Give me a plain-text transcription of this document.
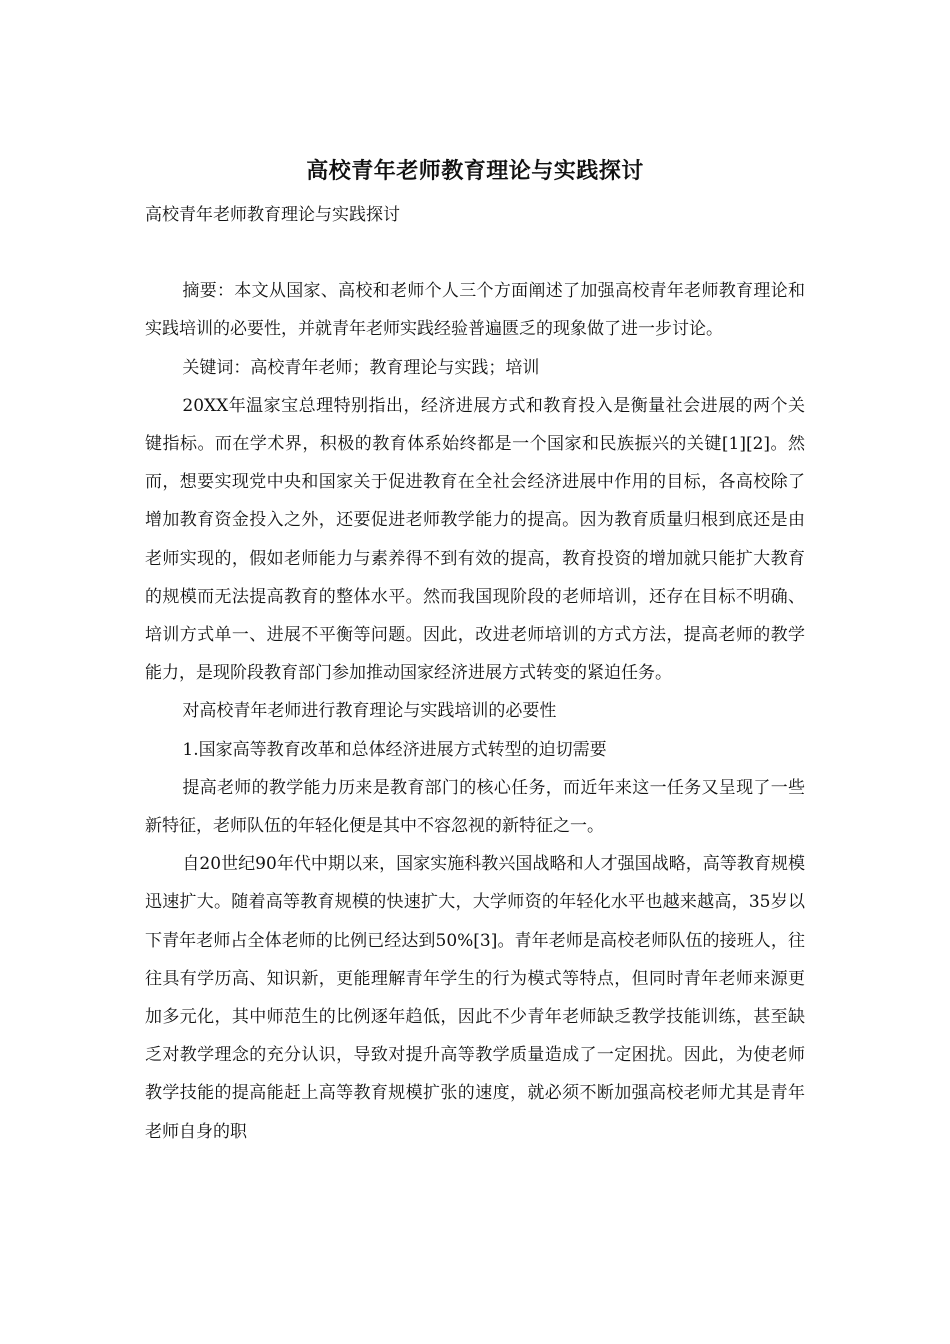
高校青年老师教育理论与实践探讨

高校青年老师教育理论与实践探讨

摘要：本文从国家、高校和老师个人三个方面阐述了加强高校青年老师教育理论和实践培训的必要性，并就青年老师实践经验普遍匮乏的现象做了进一步讨论。

关键词：高校青年老师；教育理论与实践；培训

20XX年温家宝总理特别指出，经济进展方式和教育投入是衡量社会进展的两个关键指标。而在学术界，积极的教育体系始终都是一个国家和民族振兴的关键[1][2]。然而，想要实现党中央和国家关于促进教育在全社会经济进展中作用的目标，各高校除了增加教育资金投入之外，还要促进老师教学能力的提高。因为教育质量归根到底还是由老师实现的，假如老师能力与素养得不到有效的提高，教育投资的增加就只能扩大教育的规模而无法提高教育的整体水平。然而我国现阶段的老师培训，还存在目标不明确、培训方式单一、进展不平衡等问题。因此，改进老师培训的方式方法，提高老师的教学能力，是现阶段教育部门参加推动国家经济进展方式转变的紧迫任务。

对高校青年老师进行教育理论与实践培训的必要性

1.国家高等教育改革和总体经济进展方式转型的迫切需要

提高老师的教学能力历来是教育部门的核心任务，而近年来这一任务又呈现了一些新特征，老师队伍的年轻化便是其中不容忽视的新特征之一。

自20世纪90年代中期以来，国家实施科教兴国战略和人才强国战略，高等教育规模迅速扩大。随着高等教育规模的快速扩大，大学师资的年轻化水平也越来越高，35岁以下青年老师占全体老师的比例已经达到50%[3]。青年老师是高校老师队伍的接班人，往往具有学历高、知识新，更能理解青年学生的行为模式等特点，但同时青年老师来源更加多元化，其中师范生的比例逐年趋低，因此不少青年老师缺乏教学技能训练，甚至缺乏对教学理念的充分认识，导致对提升高等教学质量造成了一定困扰。因此，为使老师教学技能的提高能赶上高等教育规模扩张的速度，就必须不断加强高校老师尤其是青年老师自身的职
